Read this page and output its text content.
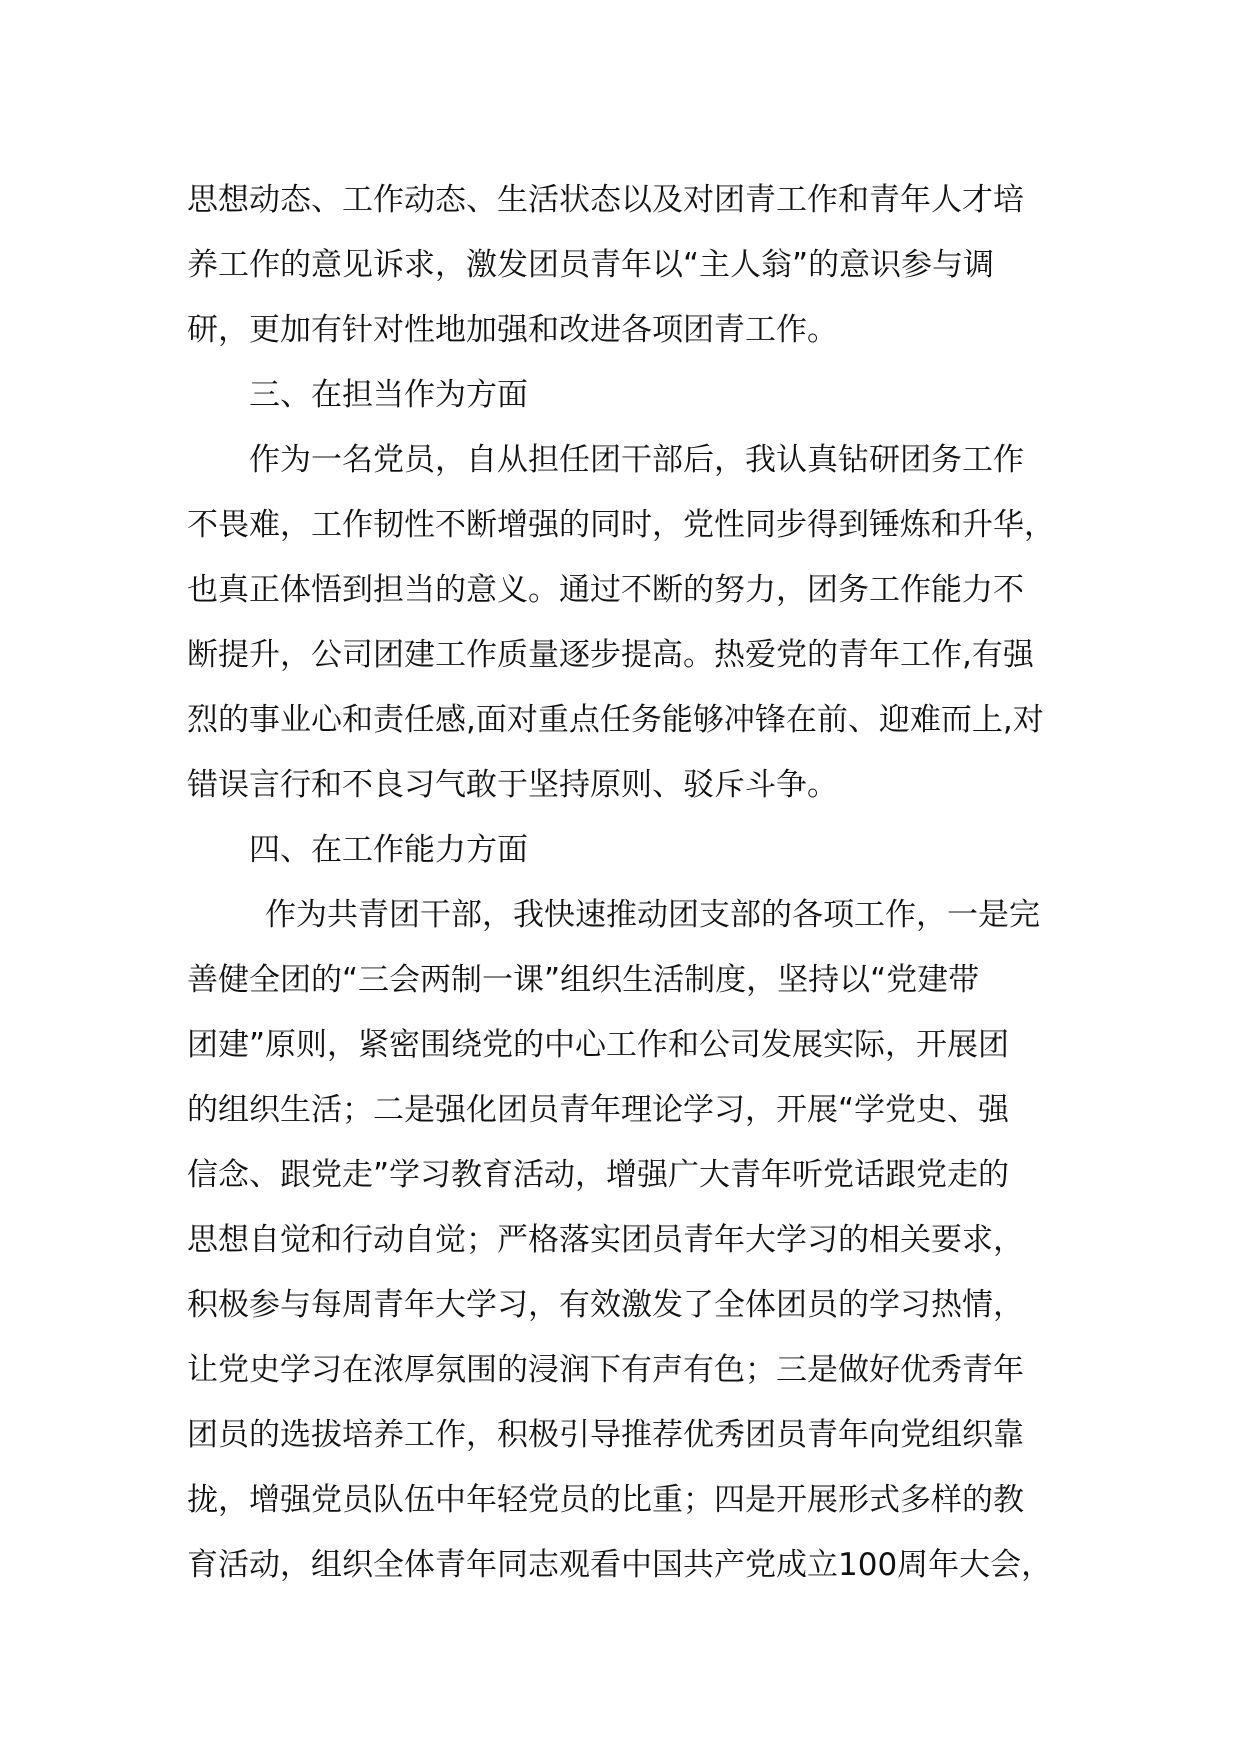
思想动态、工作动态、生活状态以及对团青工作和青年人才培
养工作的意见诉求，激发团员青年以“主人翁”的意识参与调
研，更加有针对性地加强和改进各项团青工作。
三、在担当作为方面
作为一名党员，自从担任团干部后，我认真钻研团务工作
不畏难，工作韧性不断增强的同时，党性同步得到锤炼和升华，
也真正体悟到担当的意义。通过不断的努力，团务工作能力不
断提升，公司团建工作质量逐步提高。热爱党的青年工作,有强
烈的事业心和责任感,面对重点任务能够冲锋在前、迎难而上,对
错误言行和不良习气敢于坚持原则、驳斥斗争。
四、在工作能力方面
作为共青团干部，我快速推动团支部的各项工作，一是完
善健全团的“三会两制一课”组织生活制度，坚持以“党建带
团建”原则，紧密围绕党的中心工作和公司发展实际，开展团
的组织生活；二是强化团员青年理论学习，开展“学党史、强
信念、跟党走”学习教育活动，增强广大青年听党话跟党走的
思想自觉和行动自觉；严格落实团员青年大学习的相关要求，
积极参与每周青年大学习，有效激发了全体团员的学习热情，
让党史学习在浓厚氛围的浸润下有声有色；三是做好优秀青年
团员的选拔培养工作，积极引导推荐优秀团员青年向党组织靠
拢，增强党员队伍中年轻党员的比重；四是开展形式多样的教
育活动，组织全体青年同志观看中国共产党成立100周年大会，
